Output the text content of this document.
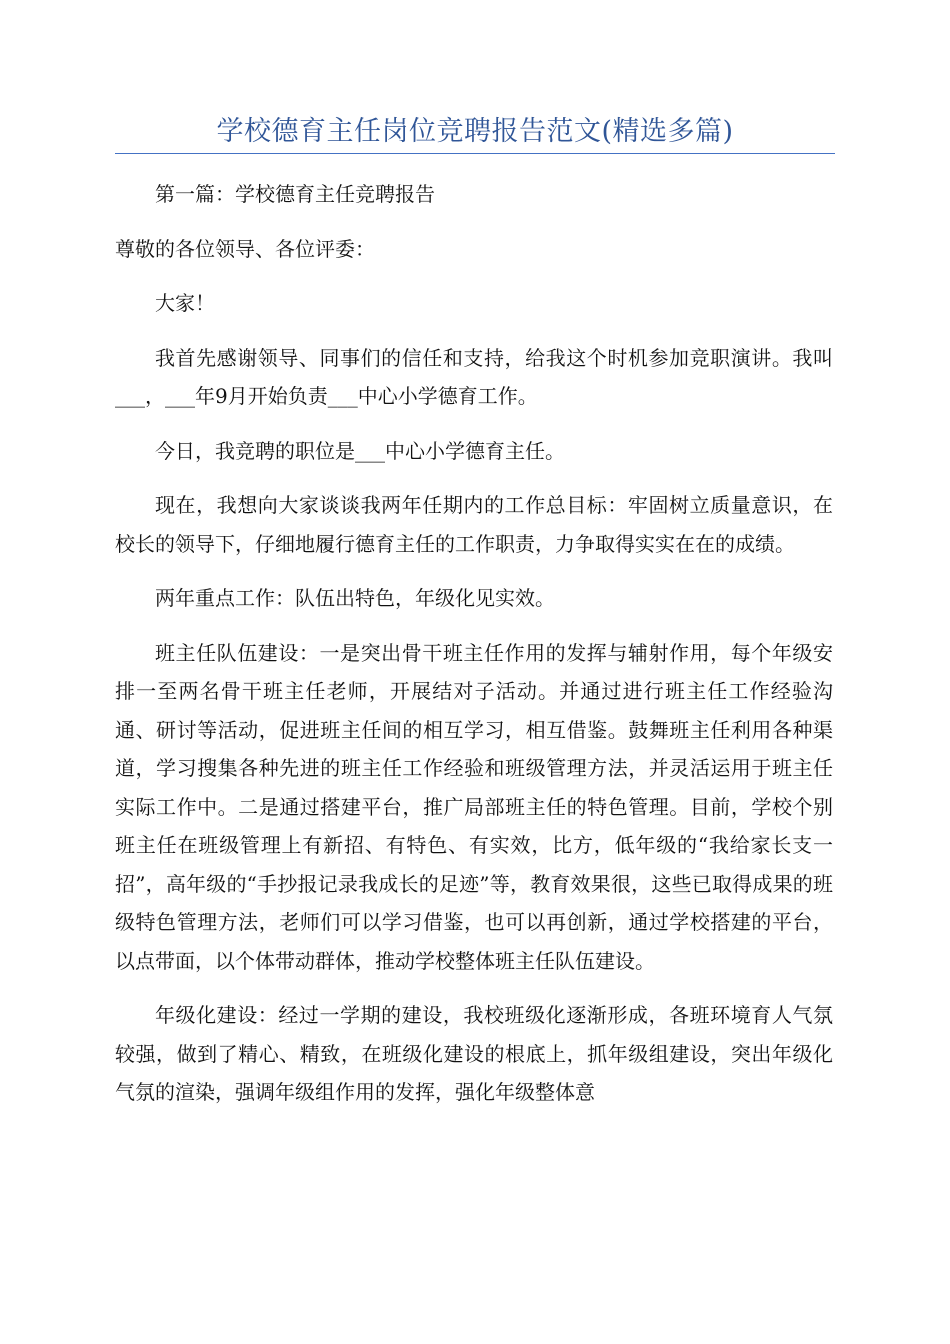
学校德育主任岗位竞聘报告范文(精选多篇)

第一篇：学校德育主任竞聘报告

尊敬的各位领导、各位评委：

大家！

我首先感谢领导、同事们的信任和支持，给我这个时机参加竞职演讲。我叫___，___年9月开始负责___中心小学德育工作。

今日，我竞聘的职位是___中心小学德育主任。

现在，我想向大家谈谈我两年任期内的工作总目标：牢固树立质量意识，在校长的领导下，仔细地履行德育主任的工作职责，力争取得实实在在的成绩。

两年重点工作：队伍出特色，年级化见实效。

班主任队伍建设：一是突出骨干班主任作用的发挥与辅射作用，每个年级安排一至两名骨干班主任老师，开展结对子活动。并通过进行班主任工作经验沟通、研讨等活动，促进班主任间的相互学习，相互借鉴。鼓舞班主任利用各种渠道，学习搜集各种先进的班主任工作经验和班级管理方法，并灵活运用于班主任实际工作中。二是通过搭建平台，推广局部班主任的特色管理。目前，学校个别班主任在班级管理上有新招、有特色、有实效，比方，低年级的“我给家长支一招”，高年级的“手抄报记录我成长的足迹”等，教育效果很，这些已取得成果的班级特色管理方法，老师们可以学习借鉴，也可以再创新，通过学校搭建的平台，以点带面，以个体带动群体，推动学校整体班主任队伍建设。

年级化建设：经过一学期的建设，我校班级化逐渐形成，各班环境育人气氛较强，做到了精心、精致，在班级化建设的根底上，抓年级组建设，突出年级化气氛的渲染，强调年级组作用的发挥，强化年级整体意
